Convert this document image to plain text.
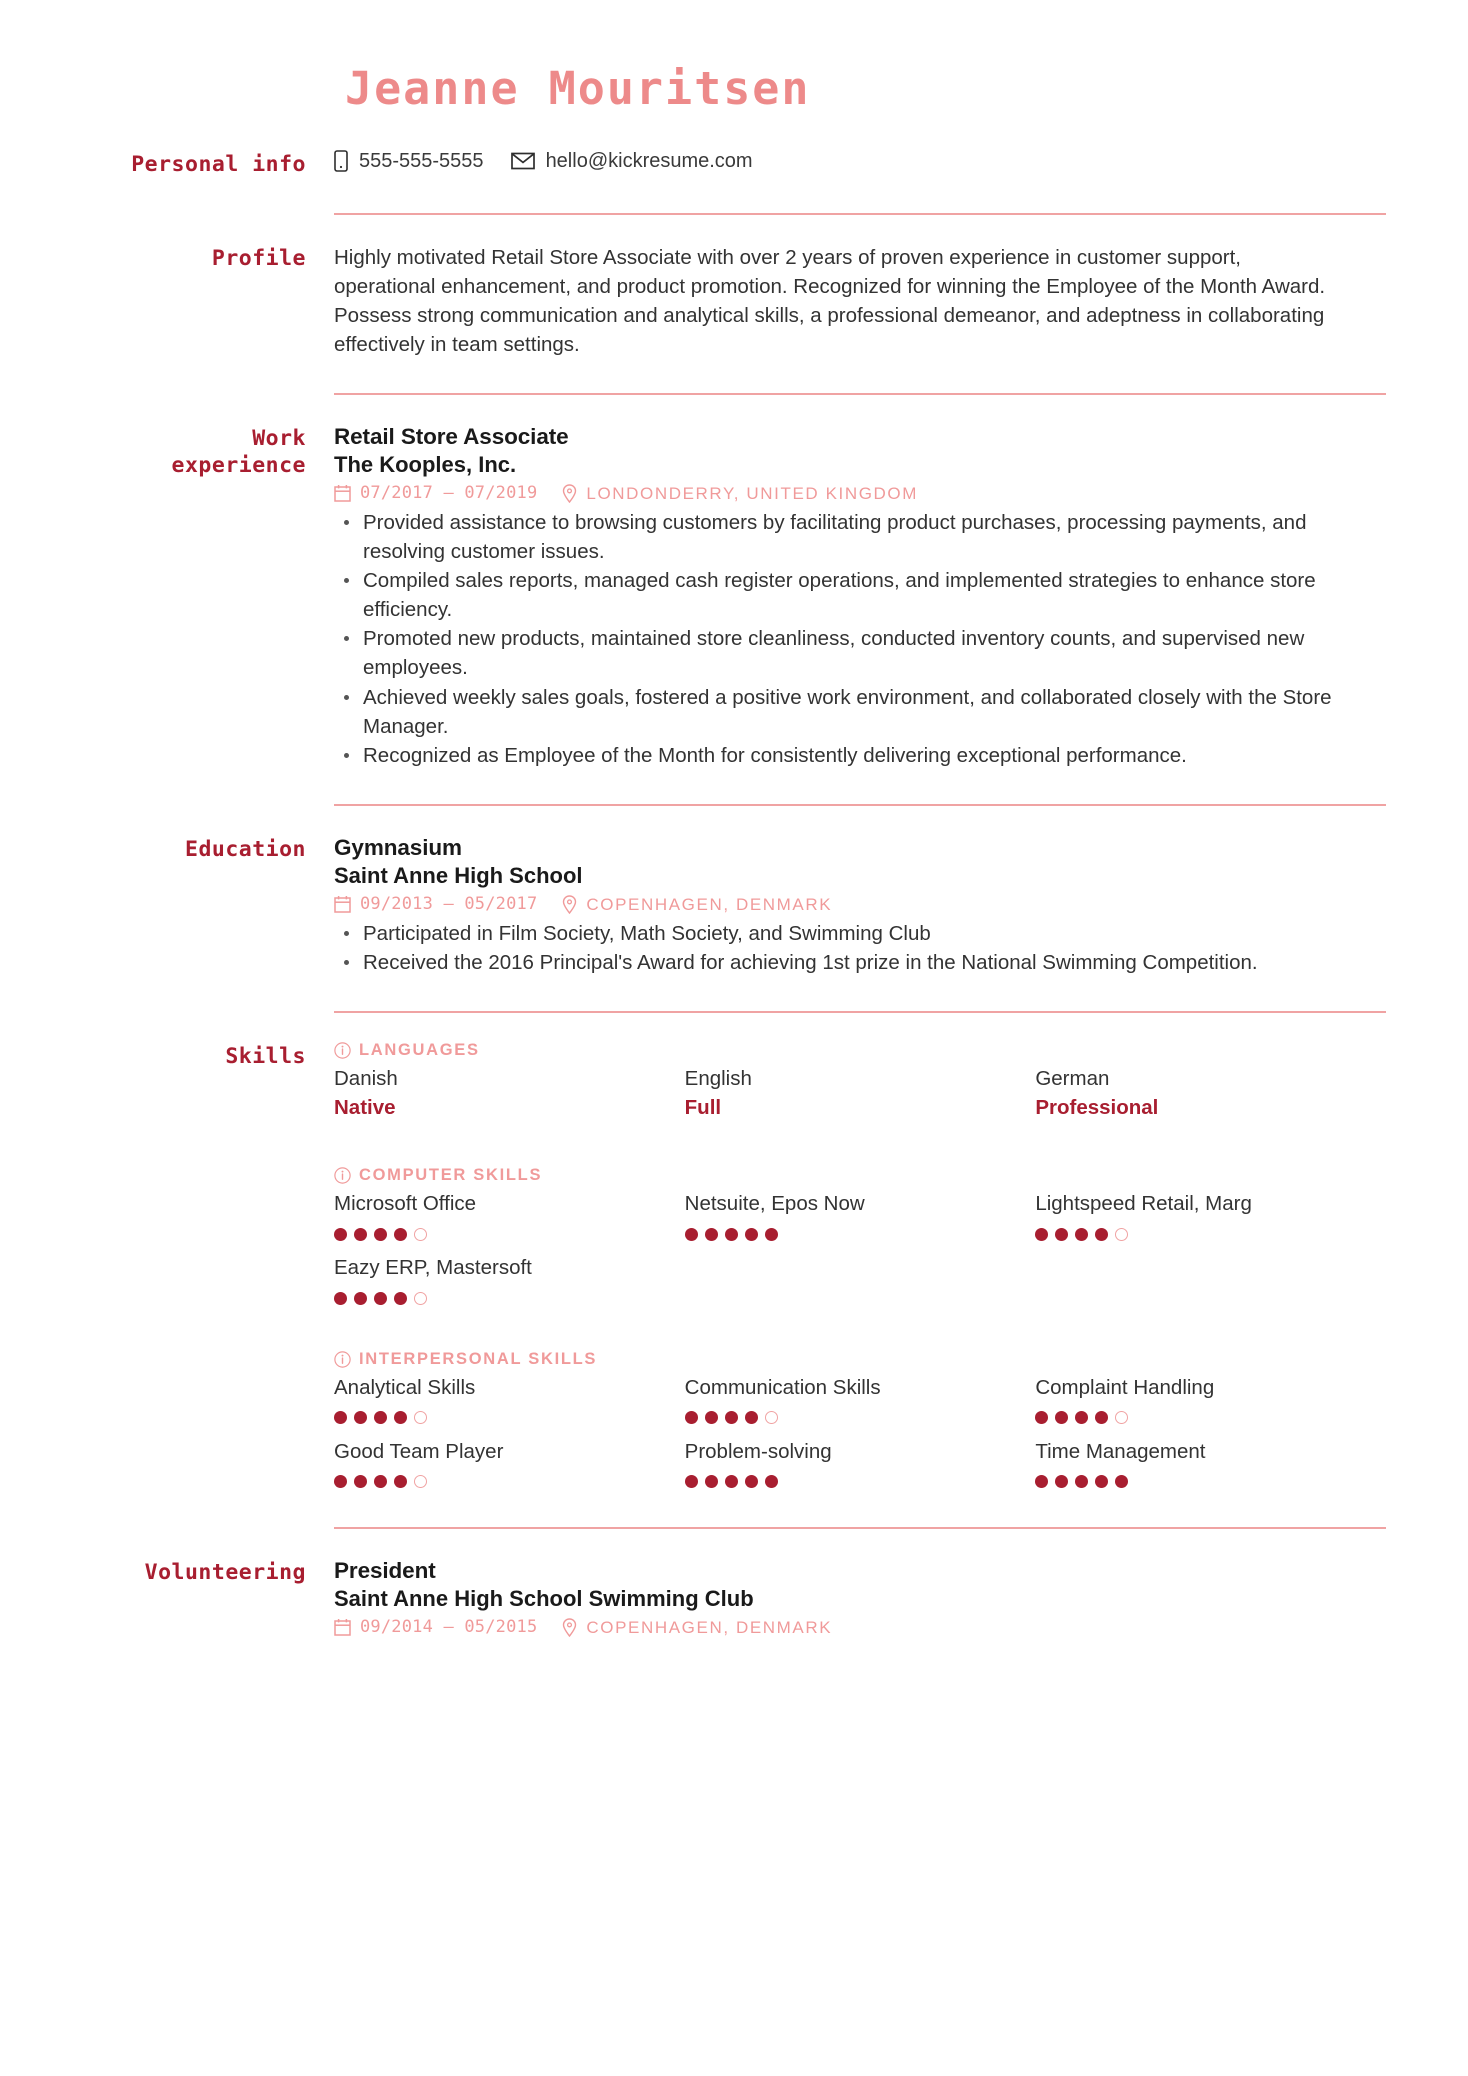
Jeanne Mouritsen
Personal info	555-555-5555	hello@kickresume.com
Profile	Highly motivated Retail Store Associate with over 2 years of proven experience in customer support, operational enhancement, and product promotion. Recognized for winning the Employee of the Month Award. Possess strong communication and analytical skills, a professional demeanor, and adeptness in collaborating effectively in team settings.
Work
experience
Retail Store Associate
The Kooples, Inc.
07/2017 – 07/2019	LONDONDERRY, UNITED KINGDOM
Provided assistance to browsing customers by facilitating product purchases, processing payments, and resolving customer issues.
Compiled sales reports, managed cash register operations, and implemented strategies to enhance store efficiency.
Promoted new products, maintained store cleanliness, conducted inventory counts, and supervised new employees.
Achieved weekly sales goals, fostered a positive work environment, and collaborated closely with the Store Manager.
Recognized as Employee of the Month for consistently delivering exceptional performance.
Education	Gymnasium
Saint Anne High School
09/2013 – 05/2017	COPENHAGEN, DENMARK
Participated in Film Society, Math Society, and Swimming Club
Received the 2016 Principal's Award for achieving 1st prize in the National Swimming Competition.
Skills	LANGUAGES
Danish
Native
English
Full
German
Professional
COMPUTER SKILLS
Microsoft Office	Netsuite, Epos Now	Lightspeed Retail, Marg
Eazy ERP, Mastersoft
INTERPERSONAL SKILLS
Analytical Skills	Communication Skills	Complaint Handling
Good Team Player	Problem-solving	Time Management
Volunteering	President
Saint Anne High School Swimming Club
09/2014 – 05/2015	COPENHAGEN, DENMARK
